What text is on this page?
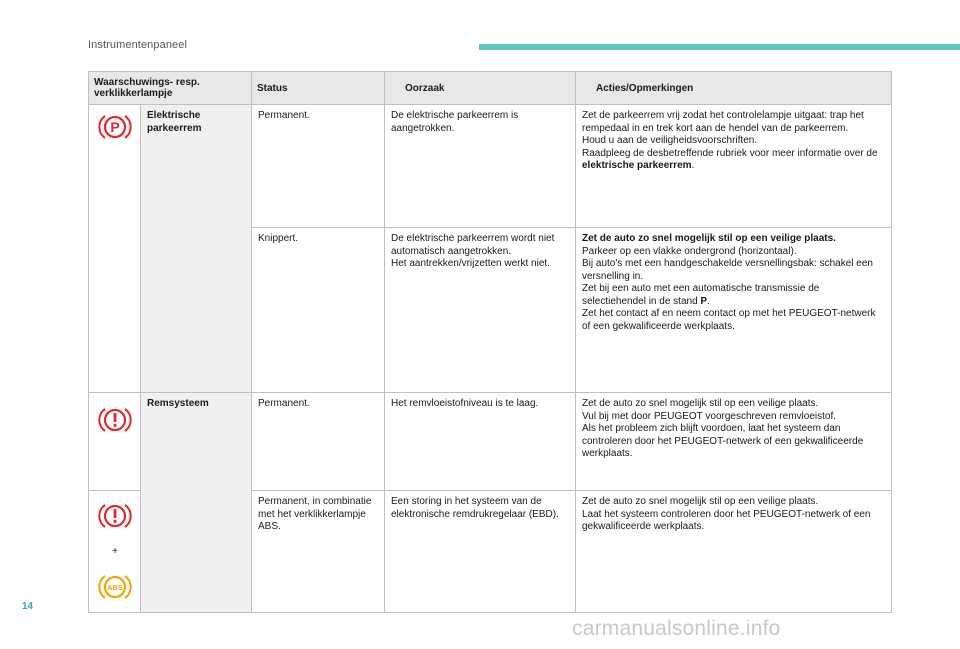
Instrumentenpaneel
Waarschuwings- resp. verklikkerlampje		Status	Oorzaak	Acties/Opmerkingen

P	Elektrische parkeerrem	Permanent.	De elektrische parkeerrem is aangetrokken.	Zet de parkeerrem vrij zodat het controlelampje uitgaat: trap het rempedaal in en trek kort aan de hendel van de parkeerrem.
Houd u aan de veiligheidsvoorschriften.
Raadpleeg de desbetreffende rubriek voor meer informatie over de elektrische parkeerrem.
		Knippert.	De elektrische parkeerrem wordt niet automatisch aangetrokken.
Het aantrekken/vrijzetten werkt niet.	Zet de auto zo snel mogelijk stil op een veilige plaats.
Parkeer op een vlakke ondergrond (horizontaal).
Bij auto's met een handgeschakelde versnellingsbak: schakel een versnelling in.
Zet bij een auto met een automatische transmissie de selectiehendel in de stand P.
Zet het contact af en neem contact op met het PEUGEOT-netwerk of een gekwalificeerde werkplaats.

	Remsysteem	Permanent.	Het remvloeistofniveau is te laag.	Zet de auto zo snel mogelijk stil op een veilige plaats.
Vul bij met door PEUGEOT voorgeschreven remvloeistof.
Als het probleem zich blijft voordoen, laat het systeem dan controleren door het PEUGEOT-netwerk of een gekwalificeerde werkplaats.

+
ABS		Permanent, in combinatie met het verklikkerlampje ABS.	Een storing in het systeem van de elektronische remdrukregelaar (EBD).	Zet de auto zo snel mogelijk stil op een veilige plaats.
Laat het systeem controleren door het PEUGEOT-netwerk of een gekwalificeerde werkplaats.
14
carmanualsonline.info
